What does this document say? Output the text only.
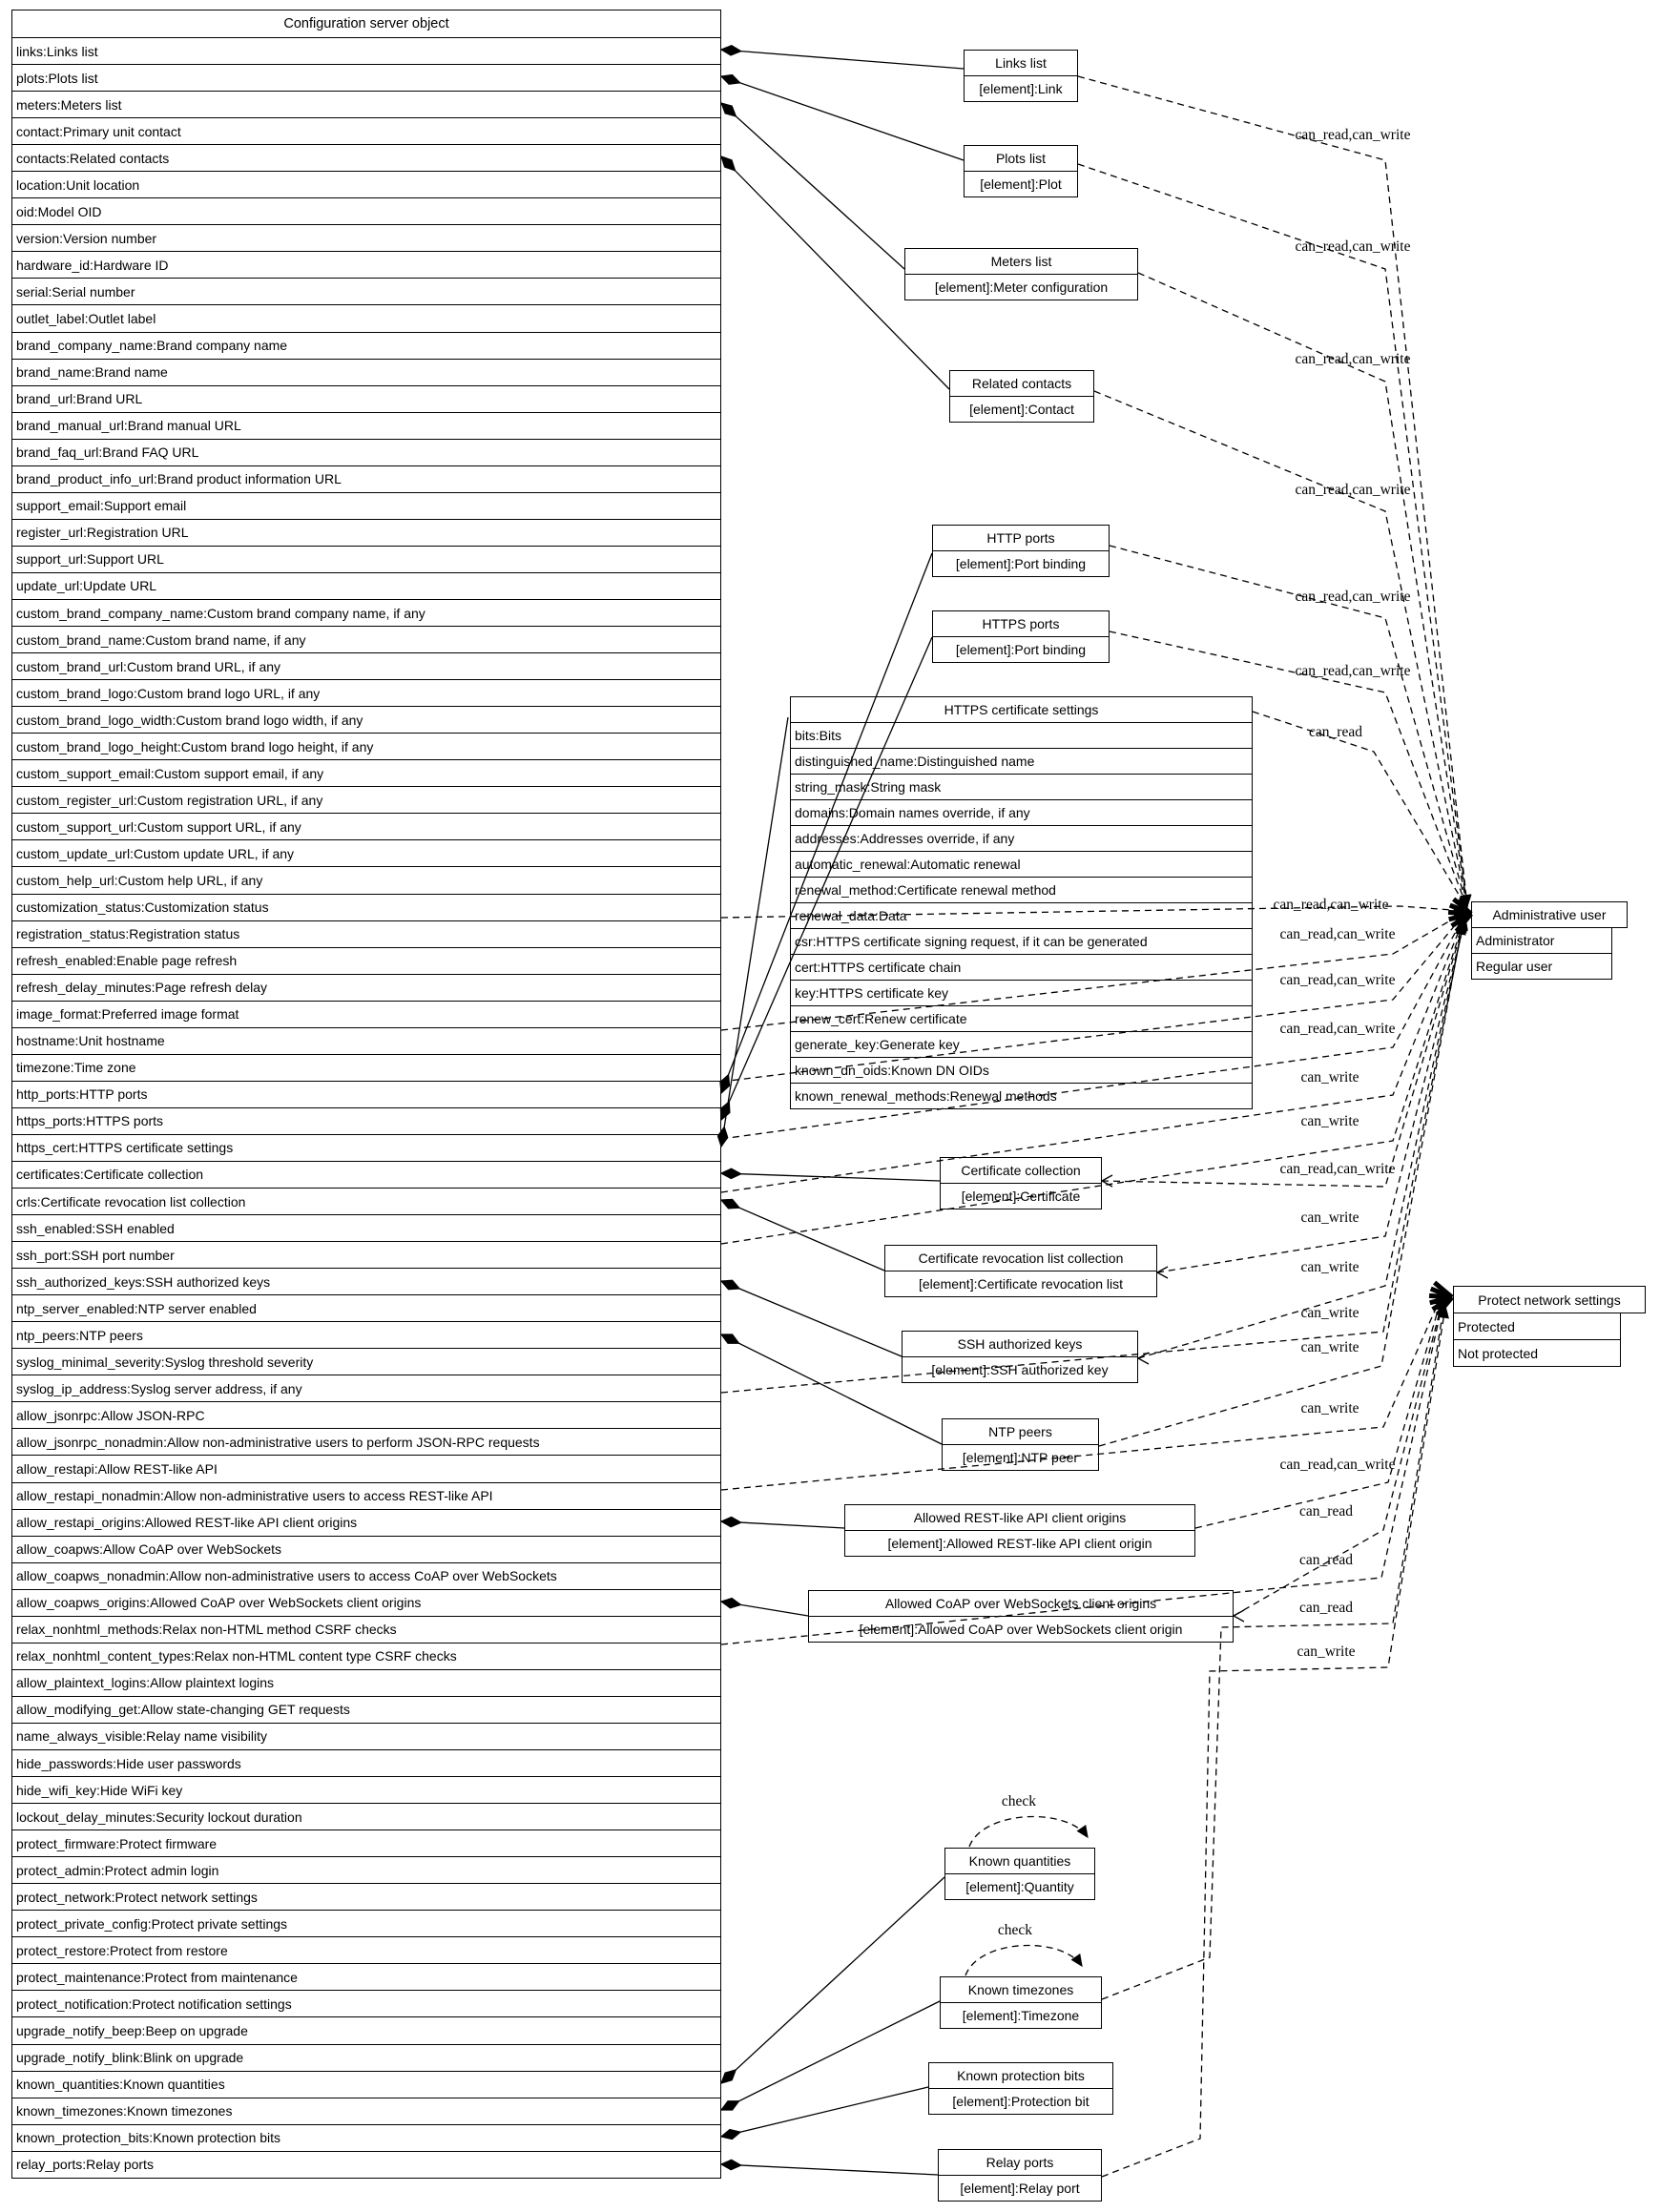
Configuration server object
links:Links list
plots:Plots list
meters:Meters list
contact:Primary unit contact
contacts:Related contacts
location:Unit location
oid:Model OID
version:Version number
hardware_id:Hardware ID
serial:Serial number
outlet_label:Outlet label
brand_company_name:Brand company name
brand_name:Brand name
brand_url:Brand URL
brand_manual_url:Brand manual URL
brand_faq_url:Brand FAQ URL
brand_product_info_url:Brand product information URL
support_email:Support email
register_url:Registration URL
support_url:Support URL
update_url:Update URL
custom_brand_company_name:Custom brand company name, if any
custom_brand_name:Custom brand name, if any
custom_brand_url:Custom brand URL, if any
custom_brand_logo:Custom brand logo URL, if any
custom_brand_logo_width:Custom brand logo width, if any
custom_brand_logo_height:Custom brand logo height, if any
custom_support_email:Custom support email, if any
custom_register_url:Custom registration URL, if any
custom_support_url:Custom support URL, if any
custom_update_url:Custom update URL, if any
custom_help_url:Custom help URL, if any
customization_status:Customization status
registration_status:Registration status
refresh_enabled:Enable page refresh
refresh_delay_minutes:Page refresh delay
image_format:Preferred image format
hostname:Unit hostname
timezone:Time zone
http_ports:HTTP ports
https_ports:HTTPS ports
https_cert:HTTPS certificate settings
certificates:Certificate collection
crls:Certificate revocation list collection
ssh_enabled:SSH enabled
ssh_port:SSH port number
ssh_authorized_keys:SSH authorized keys
ntp_server_enabled:NTP server enabled
ntp_peers:NTP peers
syslog_minimal_severity:Syslog threshold severity
syslog_ip_address:Syslog server address, if any
allow_jsonrpc:Allow JSON-RPC
allow_jsonrpc_nonadmin:Allow non-administrative users to perform JSON-RPC requests
allow_restapi:Allow REST-like API
allow_restapi_nonadmin:Allow non-administrative users to access REST-like API
allow_restapi_origins:Allowed REST-like API client origins
allow_coapws:Allow CoAP over WebSockets
allow_coapws_nonadmin:Allow non-administrative users to access CoAP over WebSockets
allow_coapws_origins:Allowed CoAP over WebSockets client origins
relax_nonhtml_methods:Relax non-HTML method CSRF checks
relax_nonhtml_content_types:Relax non-HTML content type CSRF checks
allow_plaintext_logins:Allow plaintext logins
allow_modifying_get:Allow state-changing GET requests
name_always_visible:Relay name visibility
hide_passwords:Hide user passwords
hide_wifi_key:Hide WiFi key
lockout_delay_minutes:Security lockout duration
protect_firmware:Protect firmware
protect_admin:Protect admin login
protect_network:Protect network settings
protect_private_config:Protect private settings
protect_restore:Protect from restore
protect_maintenance:Protect from maintenance
protect_notification:Protect notification settings
upgrade_notify_beep:Beep on upgrade
upgrade_notify_blink:Blink on upgrade
known_quantities:Known quantities
known_timezones:Known timezones
known_protection_bits:Known protection bits
relay_ports:Relay ports
Links list
[element]:Link
Plots list
[element]:Plot
Meters list
[element]:Meter configuration
Related contacts
[element]:Contact
HTTP ports
[element]:Port binding
HTTPS ports
[element]:Port binding
HTTPS certificate settings
bits:Bits
distinguished_name:Distinguished name
string_mask:String mask
domains:Domain names override, if any
addresses:Addresses override, if any
automatic_renewal:Automatic renewal
renewal_method:Certificate renewal method
renewal_data:Data
csr:HTTPS certificate signing request, if it can be generated
cert:HTTPS certificate chain
key:HTTPS certificate key
renew_cert:Renew certificate
generate_key:Generate key
known_dn_oids:Known DN OIDs
known_renewal_methods:Renewal methods
Certificate collection
[element]:Certificate
Certificate revocation list collection
[element]:Certificate revocation list
SSH authorized keys
[element]:SSH authorized key
NTP peers
[element]:NTP peer
Allowed REST-like API client origins
[element]:Allowed REST-like API client origin
Allowed CoAP over WebSockets client origins
[element]:Allowed CoAP over WebSockets client origin
Known quantities
[element]:Quantity
Known timezones
[element]:Timezone
Known protection bits
[element]:Protection bit
Relay ports
[element]:Relay port
Administrative user
Administrator
Regular user
Protect network settings
Protected
Not protected
check
check
can_read,can_write
can_read,can_write
can_read,can_write
can_read,can_write
can_read,can_write
can_read,can_write
can_read
can_read,can_write
can_read,can_write
can_read,can_write
can_read,can_write
can_write
can_write
can_read,can_write
can_write
can_write
can_write
can_write
can_write
can_read,can_write
can_read
can_read
can_read
can_write
